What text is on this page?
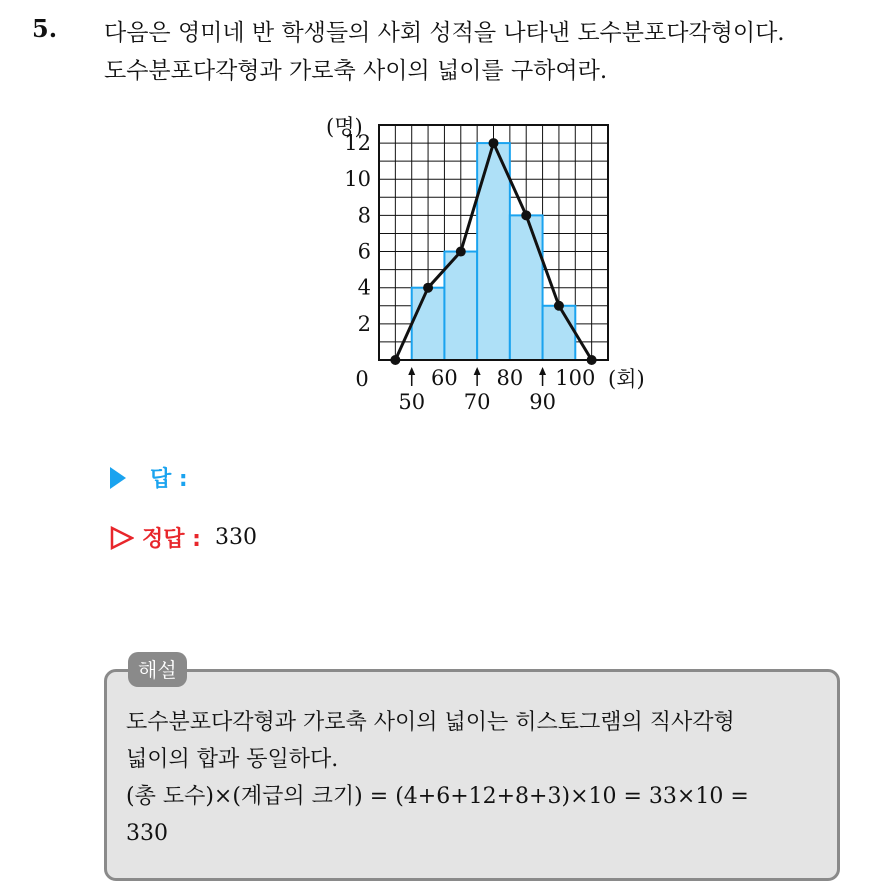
5. 다음은 영미네 반 학생들의 사회 성적을 나타낸 도수분포다각형이다.
도수분포다각형과 가로축 사이의 넓이를 구하여라.
(명)
(회)
0
2
4
6
8
10
12
60 80 100
50 70 90
답 :
정답 : 330
해설
도수분포다각형과 가로축 사이의 넓이는 히스토그램의 직사각형
넓이의 합과 동일하다.
(총 도수)×(계급의 크기) = (4+6+12+8+3)×10 = 33×10 =
330
